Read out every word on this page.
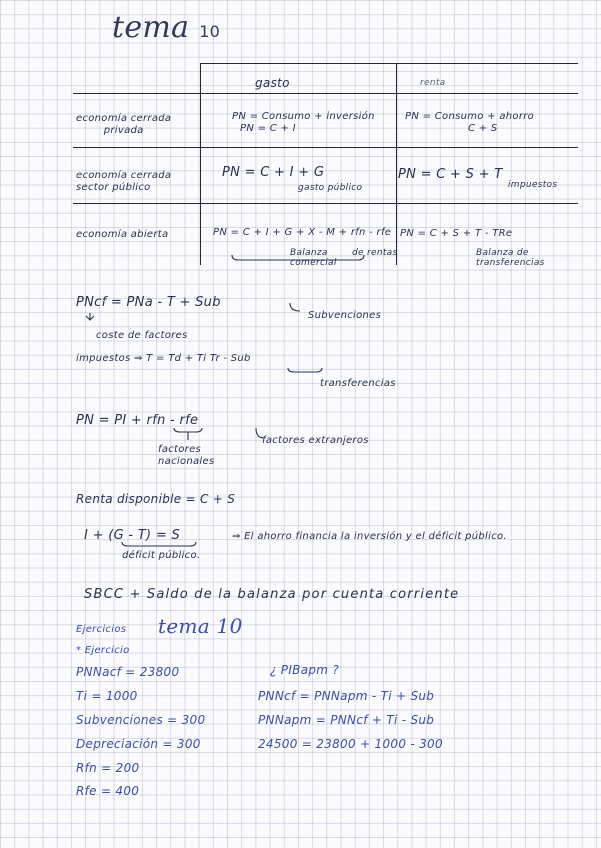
tema 10
gasto	renta
economía cerrada
privada
economía cerrada
sector público
economía abierta
PN = Consumo + inversión
PN = C + I
PN = Consumo + ahorro
C + S
PN = C + I + G
gasto público
PN = C + S + T
impuestos
PN = C + I + G + X - M + rfn - rfe
Balanza comercial
de rentas
PN = C + S + T - TRe
Balanza de transferencias
PNcf = PNa - T + Sub
Subvenciones
coste de factores
impuestos ⇒ T = Td + Ti Tr - Sub
transferencias
PN = PI + rfn - rfe
factores nacionales
factores extranjeros
Renta disponible = C + S
I + (G - T) = S	⇒ El ahorro financia la inversión y el déficit público.
déficit público.
SBCC + Saldo de la balanza por cuenta corriente
Ejercicios tema 10
* Ejercicio
¿ PIBapm ?
PNNacf = 23800
Ti = 1000
Subvenciones = 300
Depreciación = 300
Rfn = 200
Rfe = 400
PNNcf = PNNapm - Ti + Sub
PNNapm = PNNcf + Ti - Sub
24500 = 23800 + 1000 - 300
